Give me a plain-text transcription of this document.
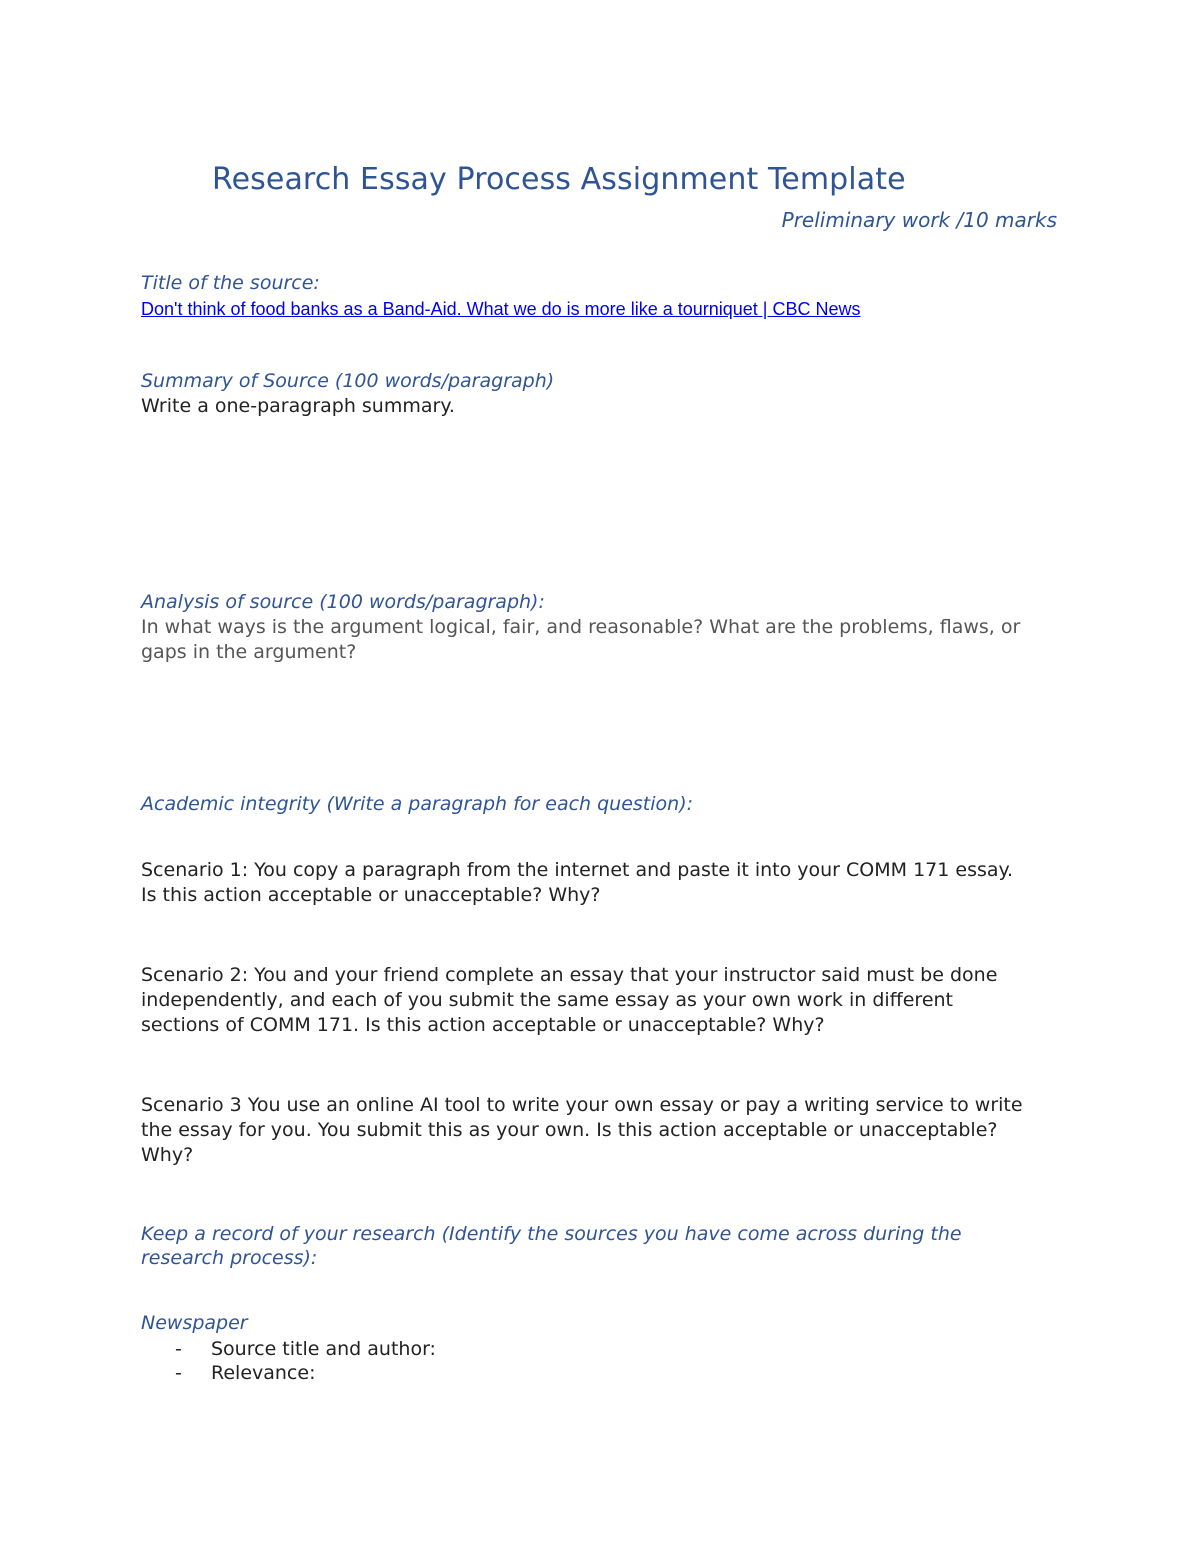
Research Essay Process Assignment Template
Preliminary work /10 marks
Title of the source:
Don't think of food banks as a Band-Aid. What we do is more like a tourniquet | CBC News
Summary of Source (100 words/paragraph)
Write a one-paragraph summary.
Analysis of source (100 words/paragraph):
In what ways is the argument logical, fair, and reasonable? What are the problems, flaws, or
gaps in the argument?
Academic integrity (Write a paragraph for each question):
Scenario 1: You copy a paragraph from the internet and paste it into your COMM 171 essay.
Is this action acceptable or unacceptable? Why?
Scenario 2: You and your friend complete an essay that your instructor said must be done
independently, and each of you submit the same essay as your own work in different
sections of COMM 171. Is this action acceptable or unacceptable? Why?
Scenario 3 You use an online AI tool to write your own essay or pay a writing service to write
the essay for you. You submit this as your own. Is this action acceptable or unacceptable?
Why?
Keep a record of your research (Identify the sources you have come across during the
research process):
Newspaper
- Source title and author:
- Relevance:
